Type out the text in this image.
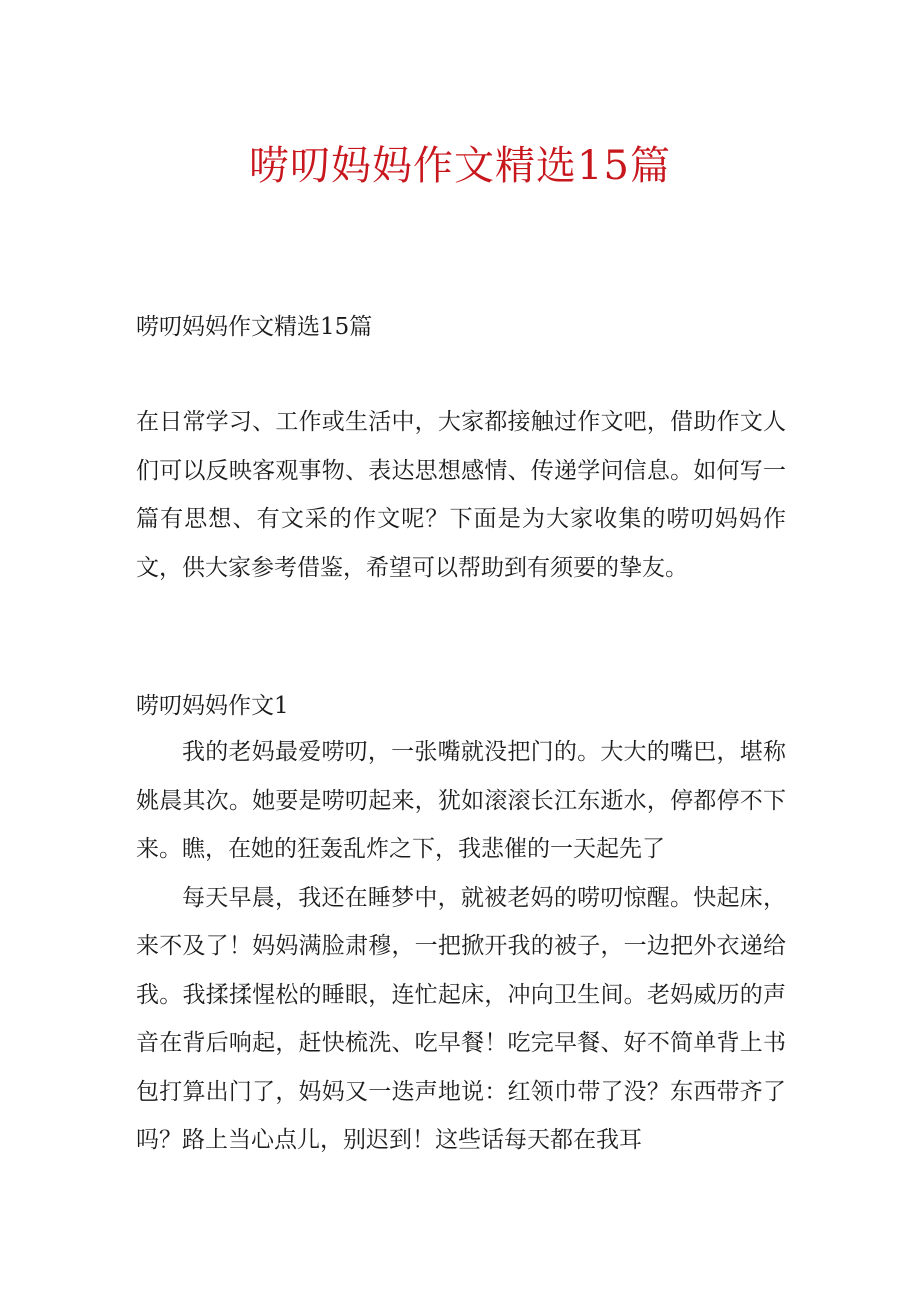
唠叨妈妈作文精选15篇
唠叨妈妈作文精选15篇
在日常学习、工作或生活中，大家都接触过作文吧，借助作文人们可以反映客观事物、表达思想感情、传递学问信息。如何写一篇有思想、有文采的作文呢？下面是为大家收集的唠叨妈妈作文，供大家参考借鉴，希望可以帮助到有须要的挚友。
唠叨妈妈作文1

我的老妈最爱唠叨，一张嘴就没把门的。大大的嘴巴，堪称姚晨其次。她要是唠叨起来，犹如滚滚长江东逝水，停都停不下来。瞧，在她的狂轰乱炸之下，我悲催的一天起先了

每天早晨，我还在睡梦中，就被老妈的唠叨惊醒。快起床，来不及了！妈妈满脸肃穆，一把掀开我的被子，一边把外衣递给我。我揉揉惺松的睡眼，连忙起床，冲向卫生间。老妈威历的声音在背后响起，赶快梳洗、吃早餐！吃完早餐、好不简单背上书包打算出门了，妈妈又一迭声地说：红领巾带了没？东西带齐了吗？路上当心点儿，别迟到！这些话每天都在我耳
